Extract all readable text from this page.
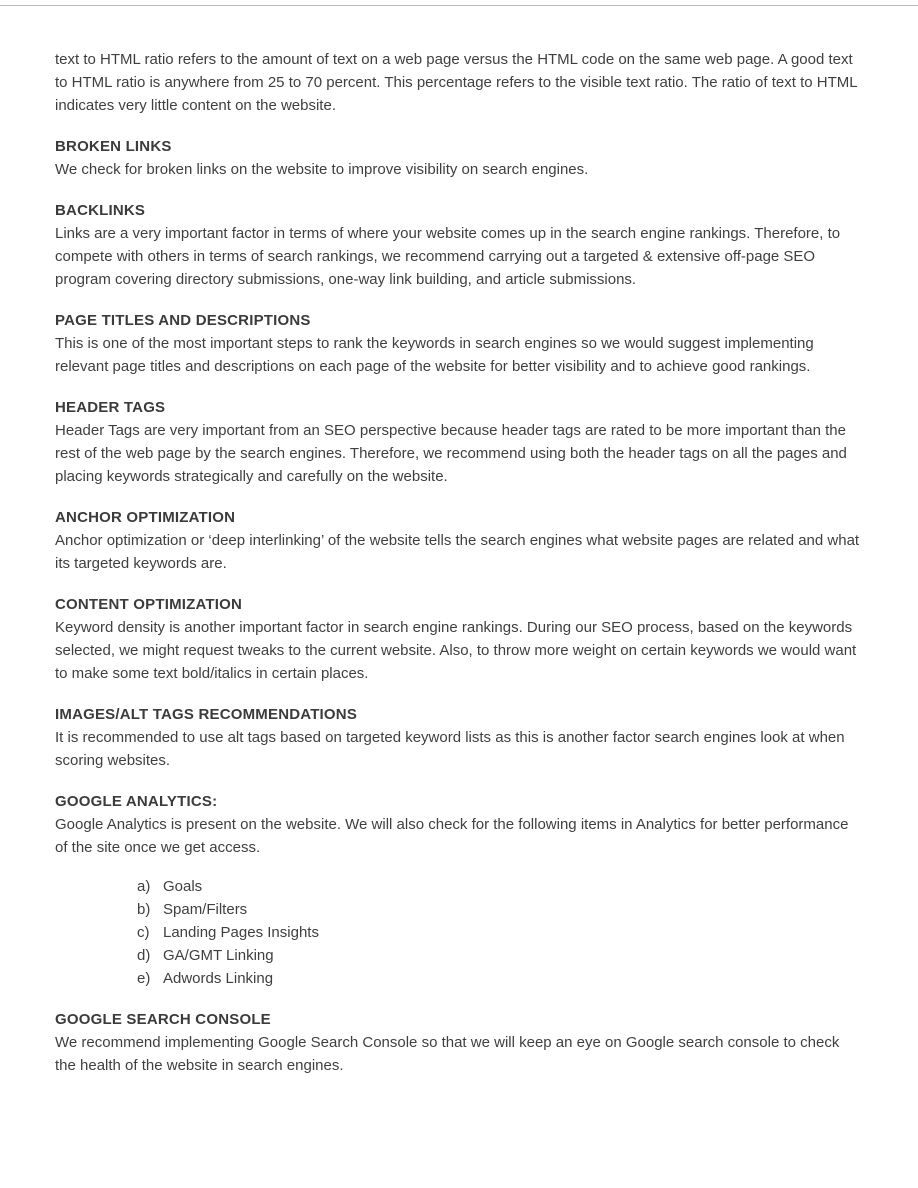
text to HTML ratio refers to the amount of text on a web page versus the HTML code on the same web page. A good text to HTML ratio is anywhere from 25 to 70 percent. This percentage refers to the visible text ratio. The ratio of text to HTML indicates very little content on the website.

BROKEN LINKS

We check for broken links on the website to improve visibility on search engines.

BACKLINKS

Links are a very important factor in terms of where your website comes up in the search engine rankings. Therefore, to compete with others in terms of search rankings, we recommend carrying out a targeted & extensive off-page SEO program covering directory submissions, one-way link building, and article submissions.

PAGE TITLES AND DESCRIPTIONS

This is one of the most important steps to rank the keywords in search engines so we would suggest implementing relevant page titles and descriptions on each page of the website for better visibility and to achieve good rankings.

HEADER TAGS

Header Tags are very important from an SEO perspective because header tags are rated to be more important than the rest of the web page by the search engines. Therefore, we recommend using both the header tags on all the pages and placing keywords strategically and carefully on the website.

ANCHOR OPTIMIZATION

Anchor optimization or ‘deep interlinking’ of the website tells the search engines what website pages are related and what its targeted keywords are.

CONTENT OPTIMIZATION

Keyword density is another important factor in search engine rankings. During our SEO process, based on the keywords selected, we might request tweaks to the current website. Also, to throw more weight on certain keywords we would want to make some text bold/italics in certain places.

IMAGES/ALT TAGS RECOMMENDATIONS

It is recommended to use alt tags based on targeted keyword lists as this is another factor search engines look at when scoring websites.

GOOGLE ANALYTICS:

Google Analytics is present on the website. We will also check for the following items in Analytics for better performance of the site once we get access.

a) Goals
b) Spam/Filters
c) Landing Pages Insights
d) GA/GMT Linking
e) Adwords Linking
GOOGLE SEARCH CONSOLE

We recommend implementing Google Search Console so that we will keep an eye on Google search console to check the health of the website in search engines.
